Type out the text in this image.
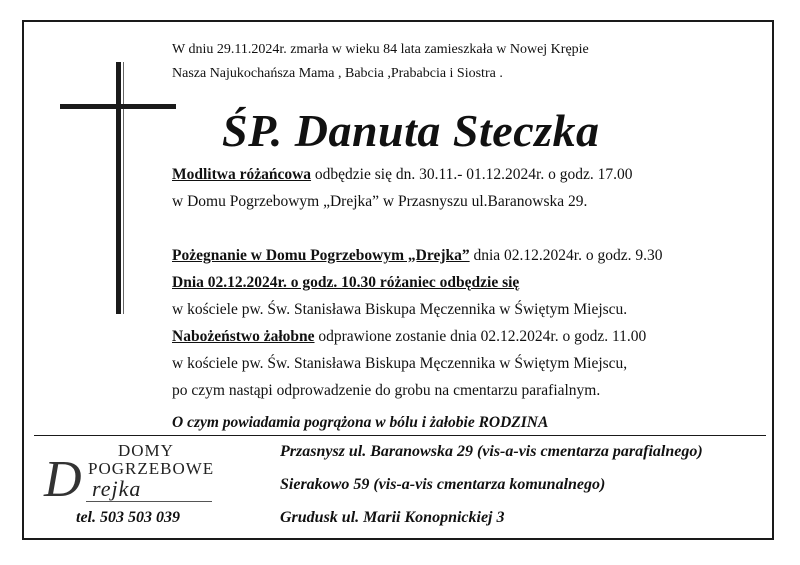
W dniu 29.11.2024r. zmarła w wieku 84 lata zamieszkała w Nowej Krępie
Nasza Najukochańsza Mama , Babcia ,Prababcia i Siostra .
ŚP. Danuta Steczka
Modlitwa różańcowa odbędzie się dn. 30.11.- 01.12.2024r. o godz. 17.00
w Domu Pogrzebowym „Drejka” w Przasnyszu ul.Baranowska 29.
Pożegnanie w Domu Pogrzebowym „Drejka” dnia 02.12.2024r. o godz. 9.30
Dnia 02.12.2024r. o godz. 10.30 różaniec odbędzie się
w kościele pw. Św. Stanisława Biskupa Męczennika w Świętym Miejscu.
Nabożeństwo żałobne odprawione zostanie dnia 02.12.2024r. o godz. 11.00
w kościele pw. Św. Stanisława Biskupa Męczennika w Świętym Miejscu,
po czym nastąpi odprowadzenie do grobu na cmentarzu parafialnym.
O czym powiadamia pogrążona w bólu i żałobie RODZINA
DOMY
POGRZEBOWE
D rejka
tel. 503 503 039
Przasnysz ul. Baranowska 29 (vis-a-vis cmentarza parafialnego)
Sierakowo 59 (vis-a-vis cmentarza komunalnego)
Grudusk ul. Marii Konopnickiej 3
